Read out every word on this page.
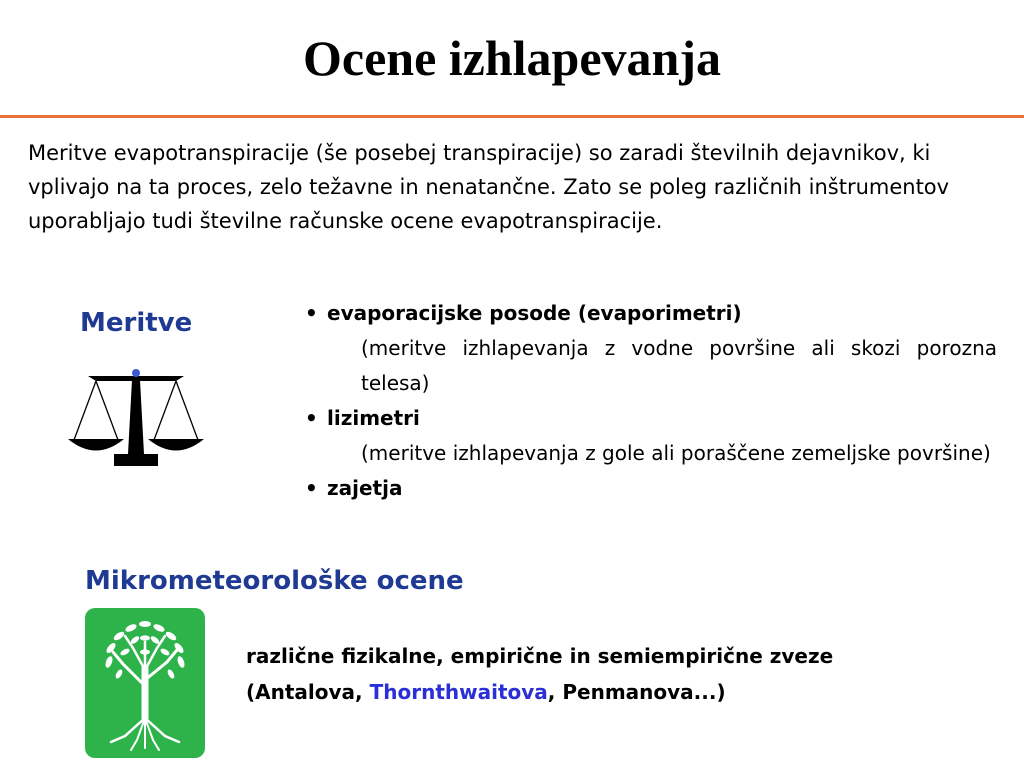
Ocene izhlapevanja
Meritve evapotranspiracije (še posebej transpiracije) so zaradi številnih dejavnikov, ki vplivajo na ta proces, zelo težavne in nenatančne. Zato se poleg različnih inštrumentov uporabljajo tudi številne računske ocene evapotranspiracije.
Meritve	• evaporacijske posode (evaporimetri)
(meritve izhlapevanja z vodne površine ali skozi porozna telesa)
• lizimetri
(meritve izhlapevanja z gole ali poraščene zemeljske površine)
• zajetja
Mikrometeorološke ocene
različne fizikalne, empirične in semiempirične zveze
(Antalova, Thornthwaitova, Penmanova...)
